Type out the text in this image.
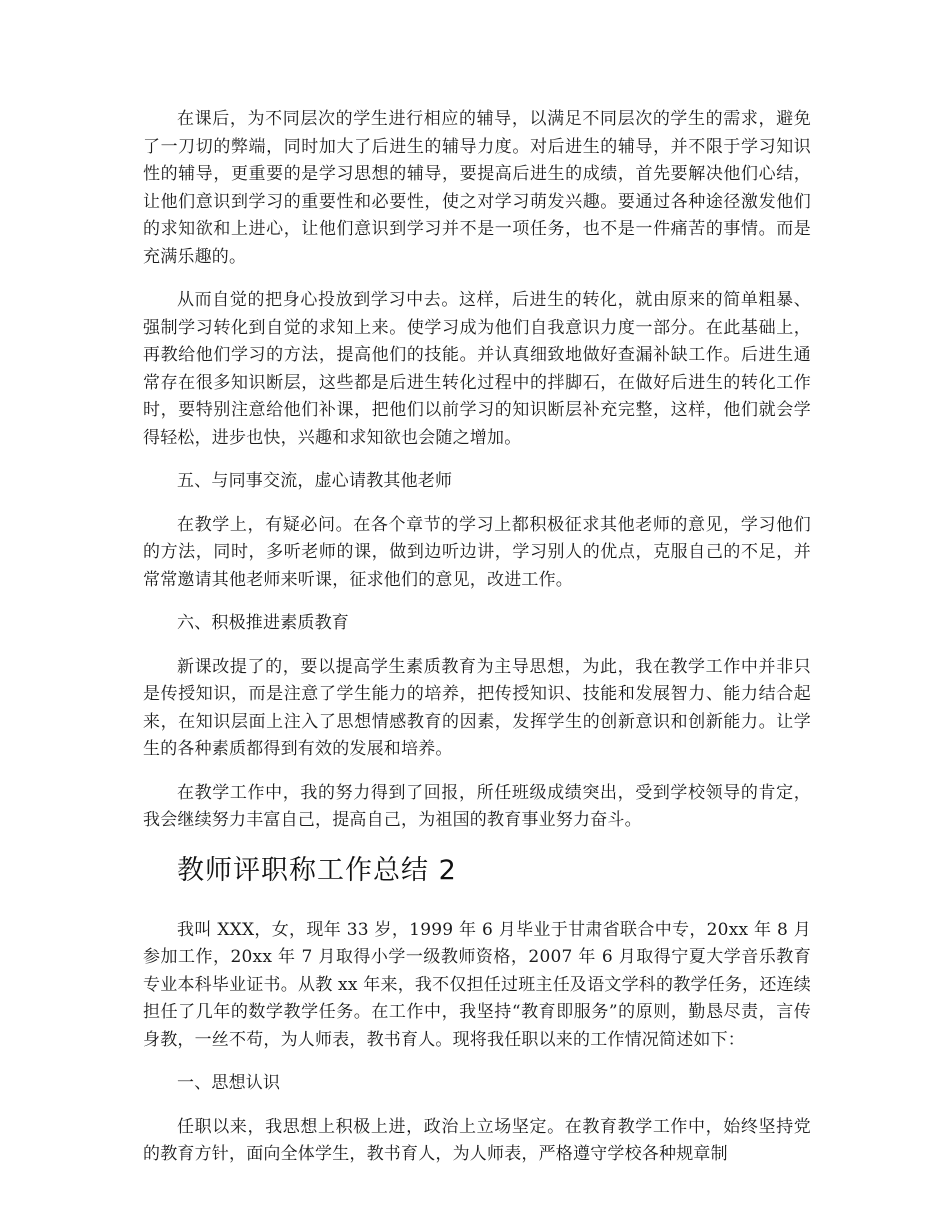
在课后，为不同层次的学生进行相应的辅导，以满足不同层次的学生的需求，避免了一刀切的弊端，同时加大了后进生的辅导力度。对后进生的辅导，并不限于学习知识性的辅导，更重要的是学习思想的辅导，要提高后进生的成绩，首先要解决他们心结，让他们意识到学习的重要性和必要性，使之对学习萌发兴趣。要通过各种途径激发他们的求知欲和上进心，让他们意识到学习并不是一项任务，也不是一件痛苦的事情。而是充满乐趣的。

从而自觉的把身心投放到学习中去。这样，后进生的转化，就由原来的简单粗暴、强制学习转化到自觉的求知上来。使学习成为他们自我意识力度一部分。在此基础上，再教给他们学习的方法，提高他们的技能。并认真细致地做好查漏补缺工作。后进生通常存在很多知识断层，这些都是后进生转化过程中的拌脚石，在做好后进生的转化工作时，要特别注意给他们补课，把他们以前学习的知识断层补充完整，这样，他们就会学得轻松，进步也快，兴趣和求知欲也会随之增加。

五、与同事交流，虚心请教其他老师

在教学上，有疑必问。在各个章节的学习上都积极征求其他老师的意见，学习他们的方法，同时，多听老师的课，做到边听边讲，学习别人的优点，克服自己的不足，并常常邀请其他老师来听课，征求他们的意见，改进工作。

六、积极推进素质教育

新课改提了的，要以提高学生素质教育为主导思想，为此，我在教学工作中并非只是传授知识，而是注意了学生能力的培养，把传授知识、技能和发展智力、能力结合起来，在知识层面上注入了思想情感教育的因素，发挥学生的创新意识和创新能力。让学生的各种素质都得到有效的发展和培养。

在教学工作中，我的努力得到了回报，所任班级成绩突出，受到学校领导的肯定，我会继续努力丰富自己，提高自己，为祖国的教育事业努力奋斗。

教师评职称工作总结 2

我叫 XXX，女，现年 33 岁，1999 年 6 月毕业于甘肃省联合中专，20xx 年 8 月参加工作，20xx 年 7 月取得小学一级教师资格，2007 年 6 月取得宁夏大学音乐教育专业本科毕业证书。从教 xx 年来，我不仅担任过班主任及语文学科的教学任务，还连续担任了几年的数学教学任务。在工作中，我坚持“教育即服务”的原则，勤恳尽责，言传身教，一丝不苟，为人师表，教书育人。现将我任职以来的工作情况简述如下：

一、思想认识

任职以来，我思想上积极上进，政治上立场坚定。在教育教学工作中，始终坚持党的教育方针，面向全体学生，教书育人，为人师表，严格遵守学校各种规章制
